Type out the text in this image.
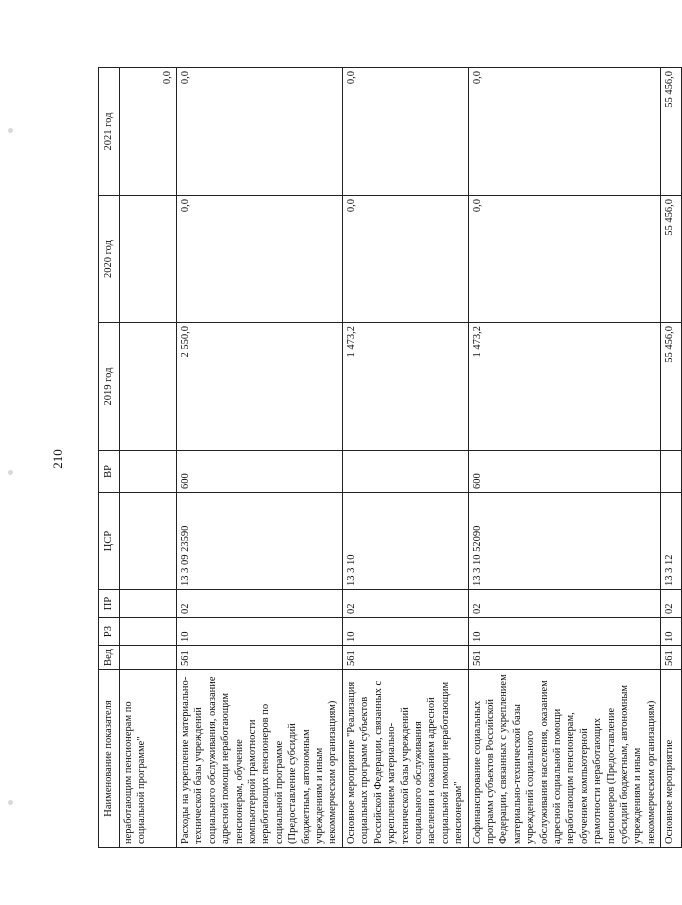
210
Наименование показателя	Вед	РЗ	ПР	ЦСР	ВР	2019 год	2020 год	2021 год
неработающим пенсионерам по социальной программе"								0,0
Расходы на укрепление материально-технической базы учреждений социального обслуживания, оказание адресной помощи неработающим пенсионерам, обучение компьютерной грамотности неработающих пенсионеров по социальной программе (Предоставление субсидий бюджетным, автономным учреждениям и иным некоммерческим организациям)	561	10	02	13 3 09 23590	600	2 550,0	0,0	0,0
Основное мероприятие "Реализация социальных программ субъектов Российской Федерации, связанных с укреплением материально-технической базы учреждений социального обслуживания населения и оказанием адресной социальной помощи неработающим пенсионерам"	561	10	02	13 3 10		1 473,2	0,0	0,0
Софинансирование социальных программ субъектов Российской Федерации, связанных с укреплением материально-технической базы учреждений социального обслуживания населения, оказанием адресной социальной помощи неработающим пенсионерам, обучением компьютерной грамотности неработающих пенсионеров (Предоставление субсидий бюджетным, автономным учреждениям и иным некоммерческим организациям)	561	10	02	13 3 10 52090	600	1 473,2	0,0	0,0
Основное мероприятие	561	10	02	13 3 12		55 456,0	55 456,0	55 456,0
